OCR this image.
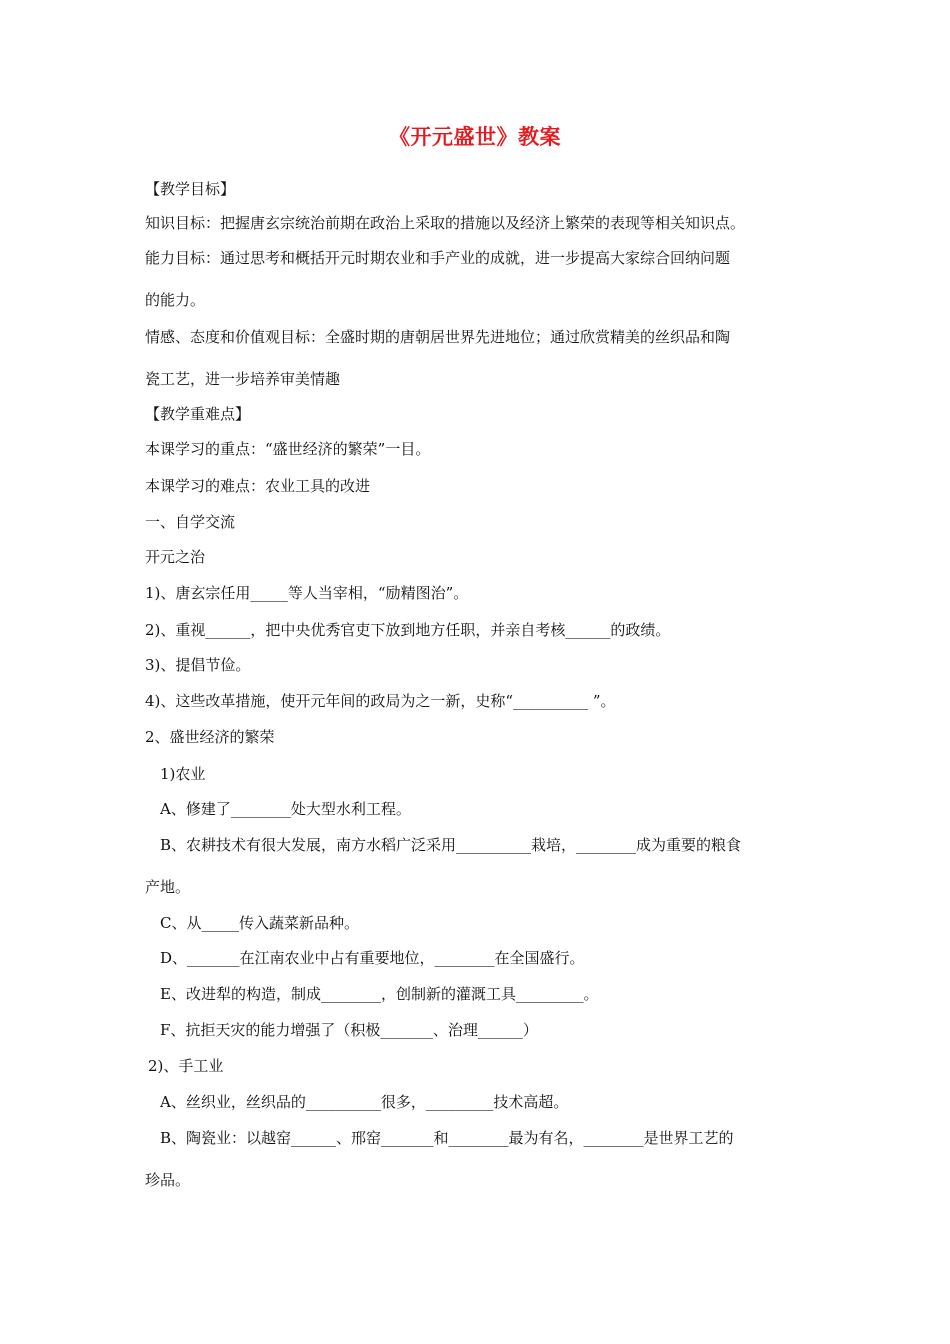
《开元盛世》教案
【教学目标】
知识目标：把握唐玄宗统治前期在政治上采取的措施以及经济上繁荣的表现等相关知识点。
能力目标：通过思考和概括开元时期农业和手产业的成就，进一步提高大家综合回纳问题
的能力。
情感、态度和价值观目标：全盛时期的唐朝居世界先进地位；通过欣赏精美的丝织品和陶
瓷工艺，进一步培养审美情趣
【教学重难点】
本课学习的重点：“盛世经济的繁荣”一目。
本课学习的难点：农业工具的改进
一、自学交流
开元之治
1)、唐玄宗任用_____等人当宰相，“励精图治”。
2)、重视______，把中央优秀官吏下放到地方任职，并亲自考核______的政绩。
3)、提倡节俭。
4)、这些改革措施，使开元年间的政局为之一新，史称“__________ ”。
2、盛世经济的繁荣
1)农业
A、修建了________处大型水利工程。
B、农耕技术有很大发展，南方水稻广泛采用__________栽培，________成为重要的粮食
产地。
C、从_____传入蔬菜新品种。
D、_______在江南农业中占有重要地位，________在全国盛行。
E、改进犁的构造，制成________，创制新的灌溉工具_________。
F、抗拒天灾的能力增强了（积极_______、治理______）
2)、手工业
A、丝织业，丝织品的__________很多，_________技术高超。
B、陶瓷业：以越窑______、邢窑_______和________最为有名，________是世界工艺的
珍品。
